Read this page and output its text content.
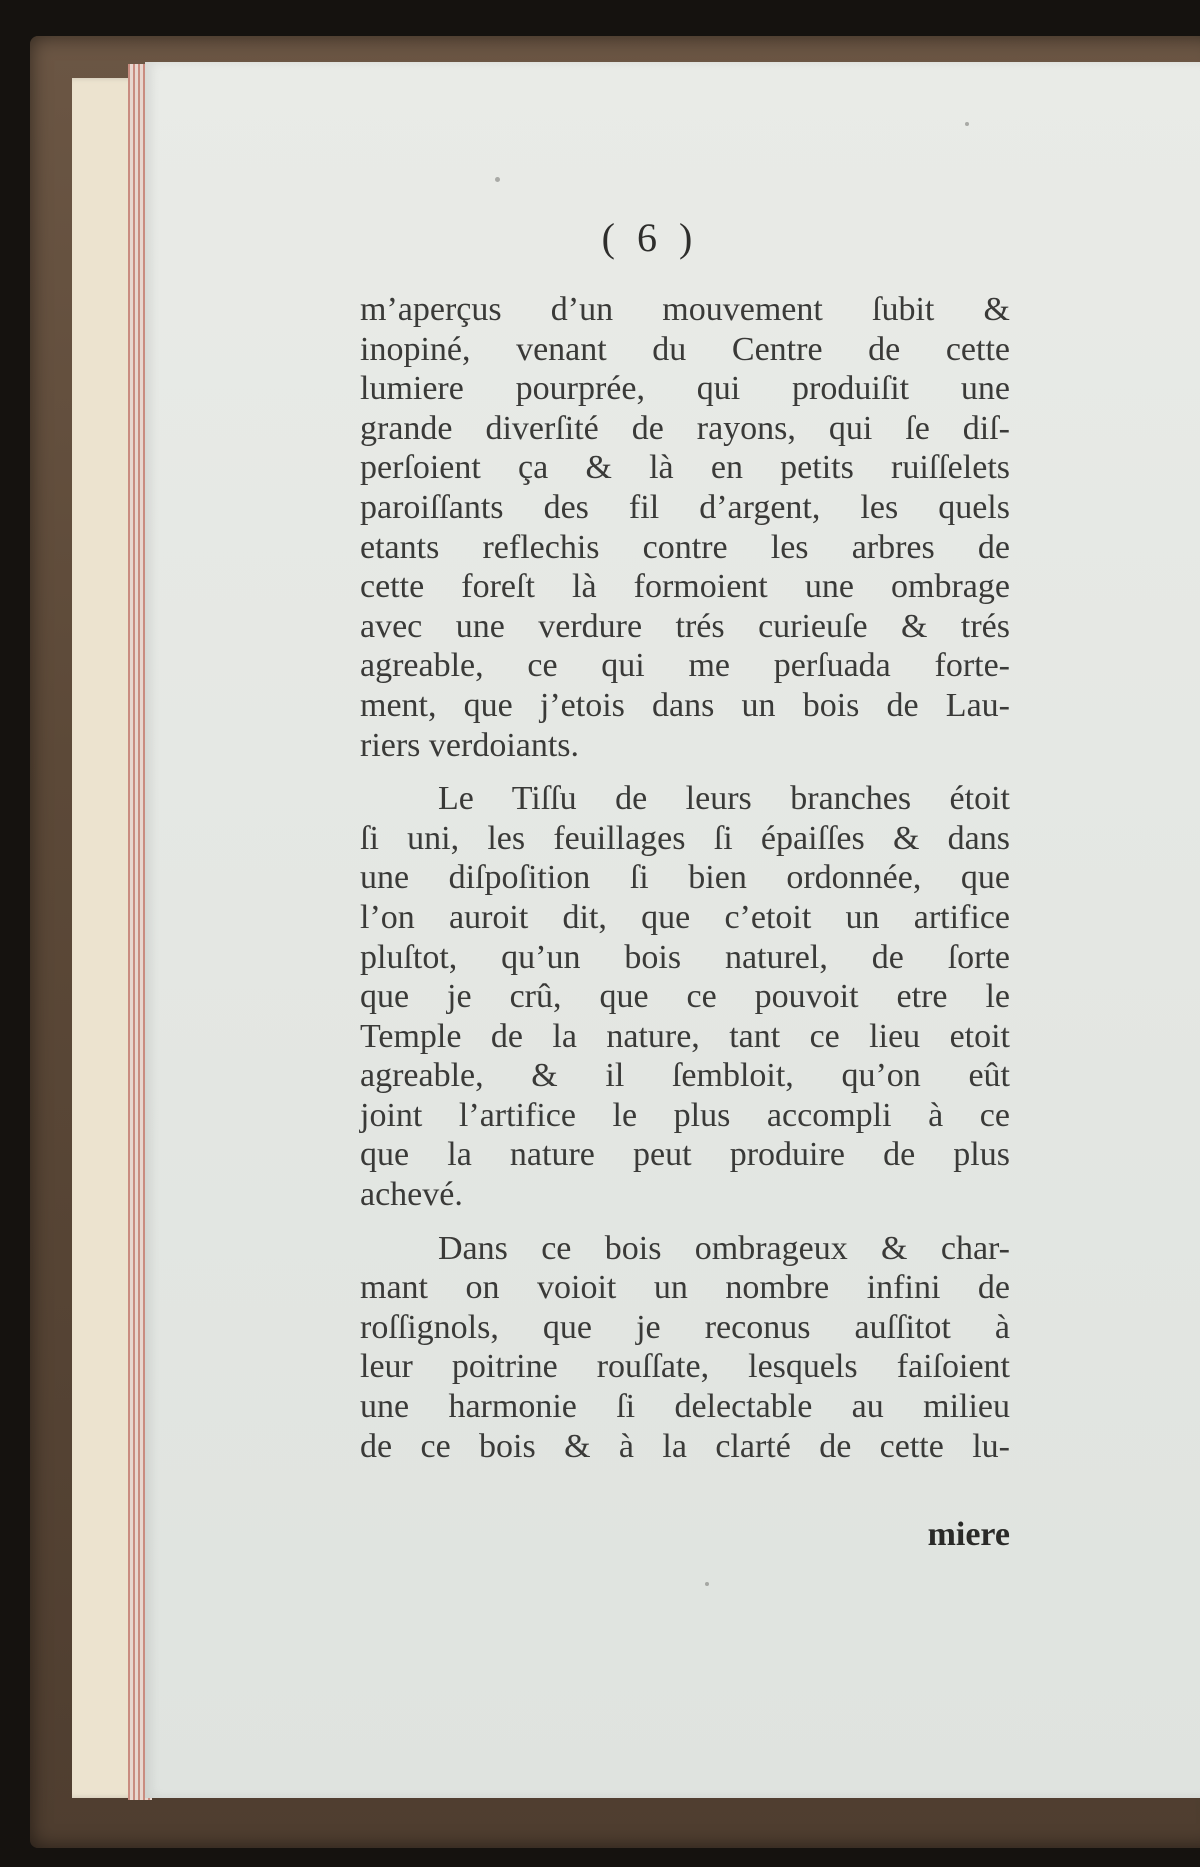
( 6 )
m’aperçus d’un mouvement ſubit &
inopiné, venant du Centre de cette
lumiere pourprée, qui produiſit une
grande diverſité de rayons, qui ſe diſ-
perſoient ça & là en petits ruiſſelets
paroiſſants des fil d’argent, les quels
etants reflechis contre les arbres de
cette foreſt là formoient une ombrage
avec une verdure trés curieuſe & trés
agreable, ce qui me perſuada forte-
ment, que j’etois dans un bois de Lau-
riers verdoiants.
Le Tiſſu de leurs branches étoit
ſi uni, les feuillages ſi épaiſſes & dans
une diſpoſition ſi bien ordonnée, que
l’on auroit dit, que c’etoit un artifice
pluſtot, qu’un bois naturel, de ſorte
que je crû, que ce pouvoit etre le
Temple de la nature, tant ce lieu etoit
agreable, & il ſembloit, qu’on eût
joint l’artifice le plus accompli à ce
que la nature peut produire de plus
achevé.
Dans ce bois ombrageux & char-
mant on voioit un nombre infini de
roſſignols, que je reconus auſſitot à
leur poitrine rouſſate, lesquels faiſoient
une harmonie ſi delectable au milieu
de ce bois & à la clarté de cette lu-
miere
